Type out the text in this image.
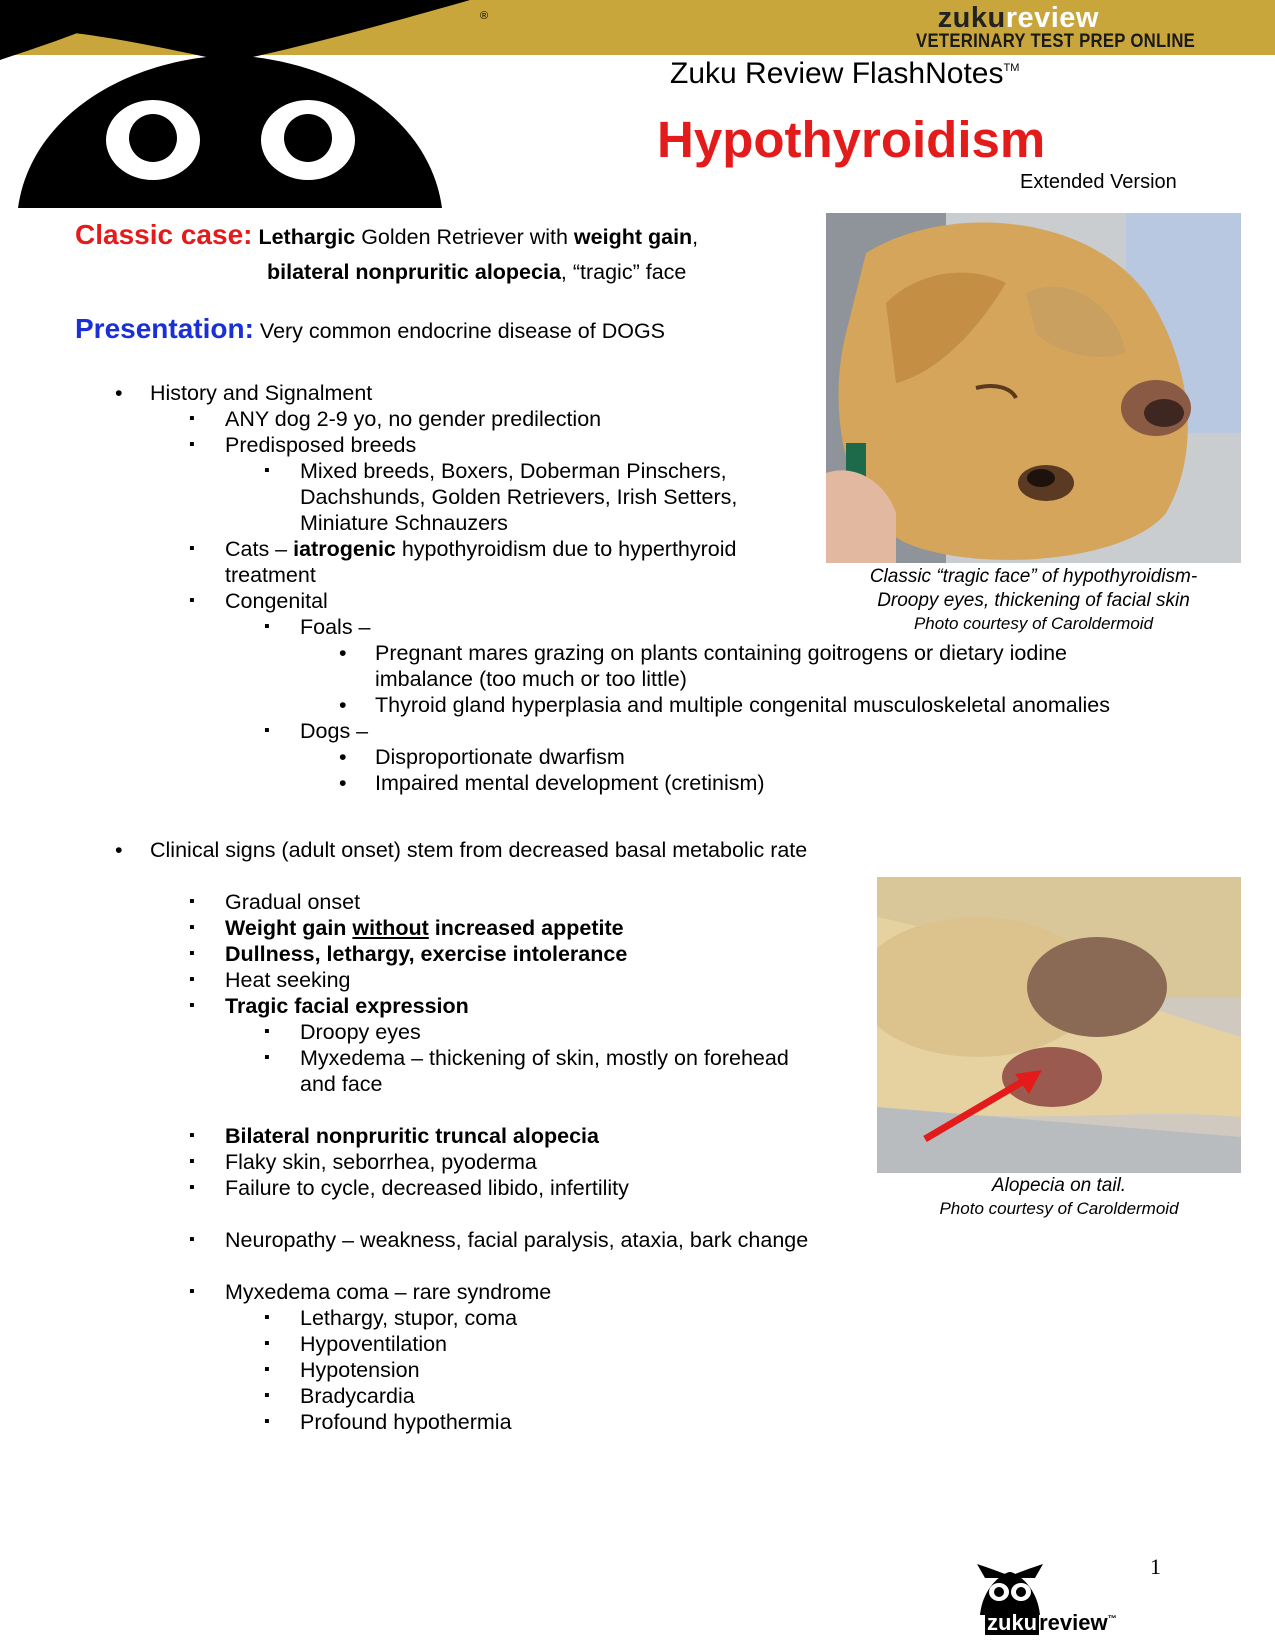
zukureview
VETERINARY TEST PREP ONLINE
®
Zuku Review FlashNotes™
Hypothyroidism
Extended Version
Classic case: Lethargic Golden Retriever with weight gain,
bilateral nonpruritic alopecia, “tragic” face
Presentation: Very common endocrine disease of DOGS
• History and Signalment
▪ ANY dog 2-9 yo, no gender predilection
▪ Predisposed breeds
▪ Mixed breeds, Boxers, Doberman Pinschers,
Dachshunds, Golden Retrievers, Irish Setters,
Miniature Schnauzers
▪ Cats – iatrogenic hypothyroidism due to hyperthyroid
treatment
▪ Congenital
▪ Foals –
• Pregnant mares grazing on plants containing goitrogens or dietary iodine
imbalance (too much or too little)
• Thyroid gland hyperplasia and multiple congenital musculoskeletal anomalies
▪ Dogs –
• Disproportionate dwarfism
• Impaired mental development (cretinism)
• Clinical signs (adult onset) stem from decreased basal metabolic rate
▪ Gradual onset
▪ Weight gain without increased appetite
▪ Dullness, lethargy, exercise intolerance
▪ Heat seeking
▪ Tragic facial expression
▪ Droopy eyes
▪ Myxedema – thickening of skin, mostly on forehead
and face
▪ Bilateral nonpruritic truncal alopecia
▪ Flaky skin, seborrhea, pyoderma
▪ Failure to cycle, decreased libido, infertility
▪ Neuropathy – weakness, facial paralysis, ataxia, bark change
▪ Myxedema coma – rare syndrome
▪ Lethargy, stupor, coma
▪ Hypoventilation
▪ Hypotension
▪ Bradycardia
▪ Profound hypothermia
Classic “tragic face” of hypothyroidism-
Droopy eyes, thickening of facial skin
Photo courtesy of Caroldermoid
Alopecia on tail.
Photo courtesy of Caroldermoid
1
zukureview™
